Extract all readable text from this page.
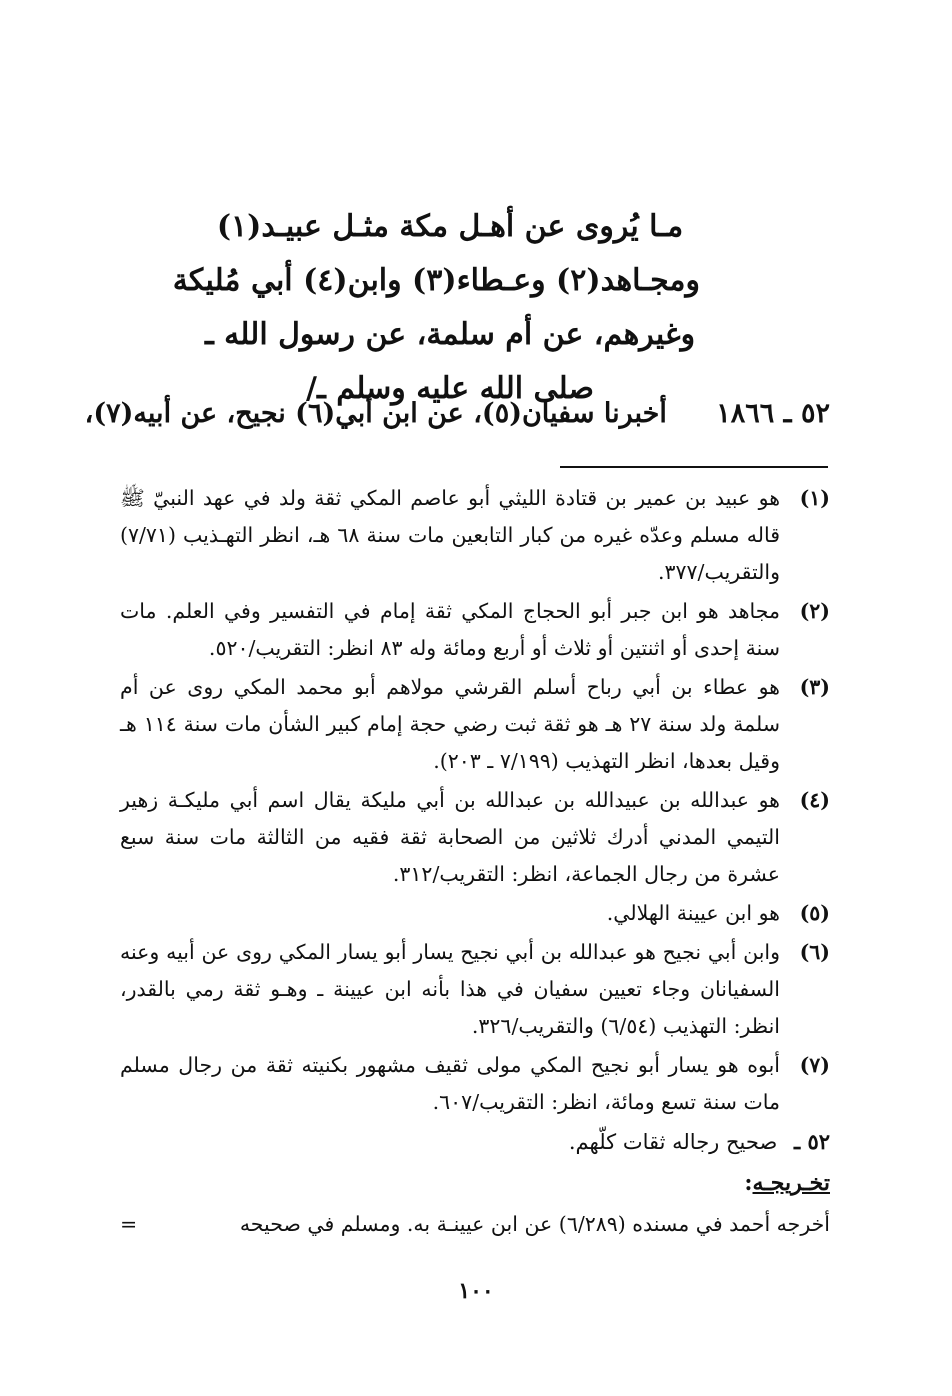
مـا يُروى عن أهـل مكة مثـل عبيـد(١)
ومجـاهد(٢) وعـطاء(٣) وابن(٤) أبي مُليكة
وغيرهم، عن أم سلمة، عن رسول الله ـ
صلى الله عليه وسلم ـ/
٥٢ ـ ١٨٦٦ أخبرنا سفيان(٥)، عن ابن أبي(٦) نجيح، عن أبيه(٧)،
(١)
هو عبيد بن عمير بن قتادة الليثي أبو عاصم المكي ثقة ولد في عهد النبيّ ﷺ قاله مسلم وعدّه غيره من كبار التابعين مات سنة ٦٨ هـ، انظر التهـذيب (٧/٧١) والتقريب/٣٧٧.
(٢)
مجاهد هو ابن جبر أبو الحجاج المكي ثقة إمام في التفسير وفي العلم. مات سنة إحدى أو اثنتين أو ثلاث أو أربع ومائة وله ٨٣ انظر: التقريب/٥٢٠.
(٣)
هو عطاء بن أبي رباح أسلم القرشي مولاهم أبو محمد المكي روى عن أم سلمة ولد سنة ٢٧ هـ هو ثقة ثبت رضي حجة إمام كبير الشأن مات سنة ١١٤ هـ وقيل بعدها، انظر التهذيب (٧/١٩٩ ـ ٢٠٣).
(٤)
هو عبدالله بن عبيدالله بن عبدالله بن أبي مليكة يقال اسم أبي مليكـة زهير التيمي المدني أدرك ثلاثين من الصحابة ثقة فقيه من الثالثة مات سنة سبع عشرة من رجال الجماعة، انظر: التقريب/٣١٢.
(٥)
هو ابن عيينة الهلالي.
(٦)
وابن أبي نجيح هو عبدالله بن أبي نجيح يسار أبو يسار المكي روى عن أبيه وعنه السفيانان وجاء تعيين سفيان في هذا بأنه ابن عيينة ـ وهـو ثقة رمي بالقدر، انظر: التهذيب (٦/٥٤) والتقريب/٣٢٦.
(٧)
أبوه هو يسار أبو نجيح المكي مولى ثقيف مشهور بكنيته ثقة من رجال مسلم مات سنة تسع ومائة، انظر: التقريب/٦٠٧.
٥٢ ـ صحيح رجاله ثقات كلّهم.
تخـريجـه:
أخرجه أحمد في مسنده (٦/٢٨٩) عن ابن عيينـة به. ومسلم في صحيحه
=
١٠٠
